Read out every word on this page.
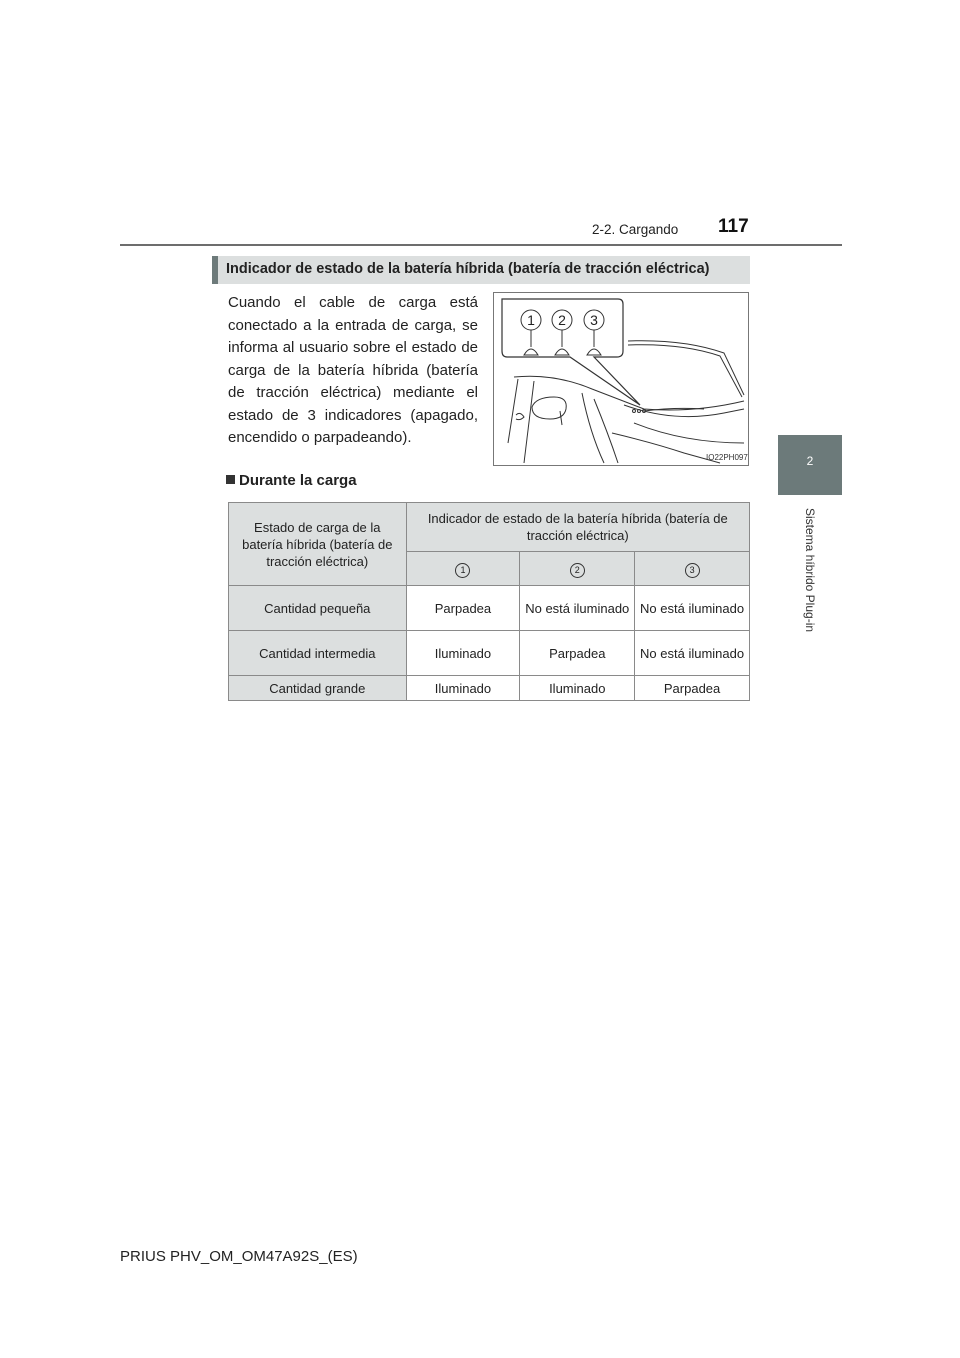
2-2. Cargando 117
2
Sistema híbrido Plug-in
Indicador de estado de la batería híbrida (batería de tracción eléctrica)
Cuando el cable de carga está conectado a la entrada de carga, se informa al usuario sobre el estado de carga de la batería híbrida (batería de tracción eléctrica) mediante el estado de 3 indicadores (apagado, encendido o parpadeando).
1 2 3
IO22PH097
Durante la carga
Estado de carga de la batería híbrida (batería de tracción eléctrica)	Indicador de estado de la batería híbrida (batería de tracción eléctrica)		
	1	2	3
Cantidad pequeña	Parpadea	No está iluminado	No está iluminado
Cantidad intermedia	Iluminado	Parpadea	No está iluminado
Cantidad grande	Iluminado	Iluminado	Parpadea
PRIUS PHV_OM_OM47A92S_(ES)
